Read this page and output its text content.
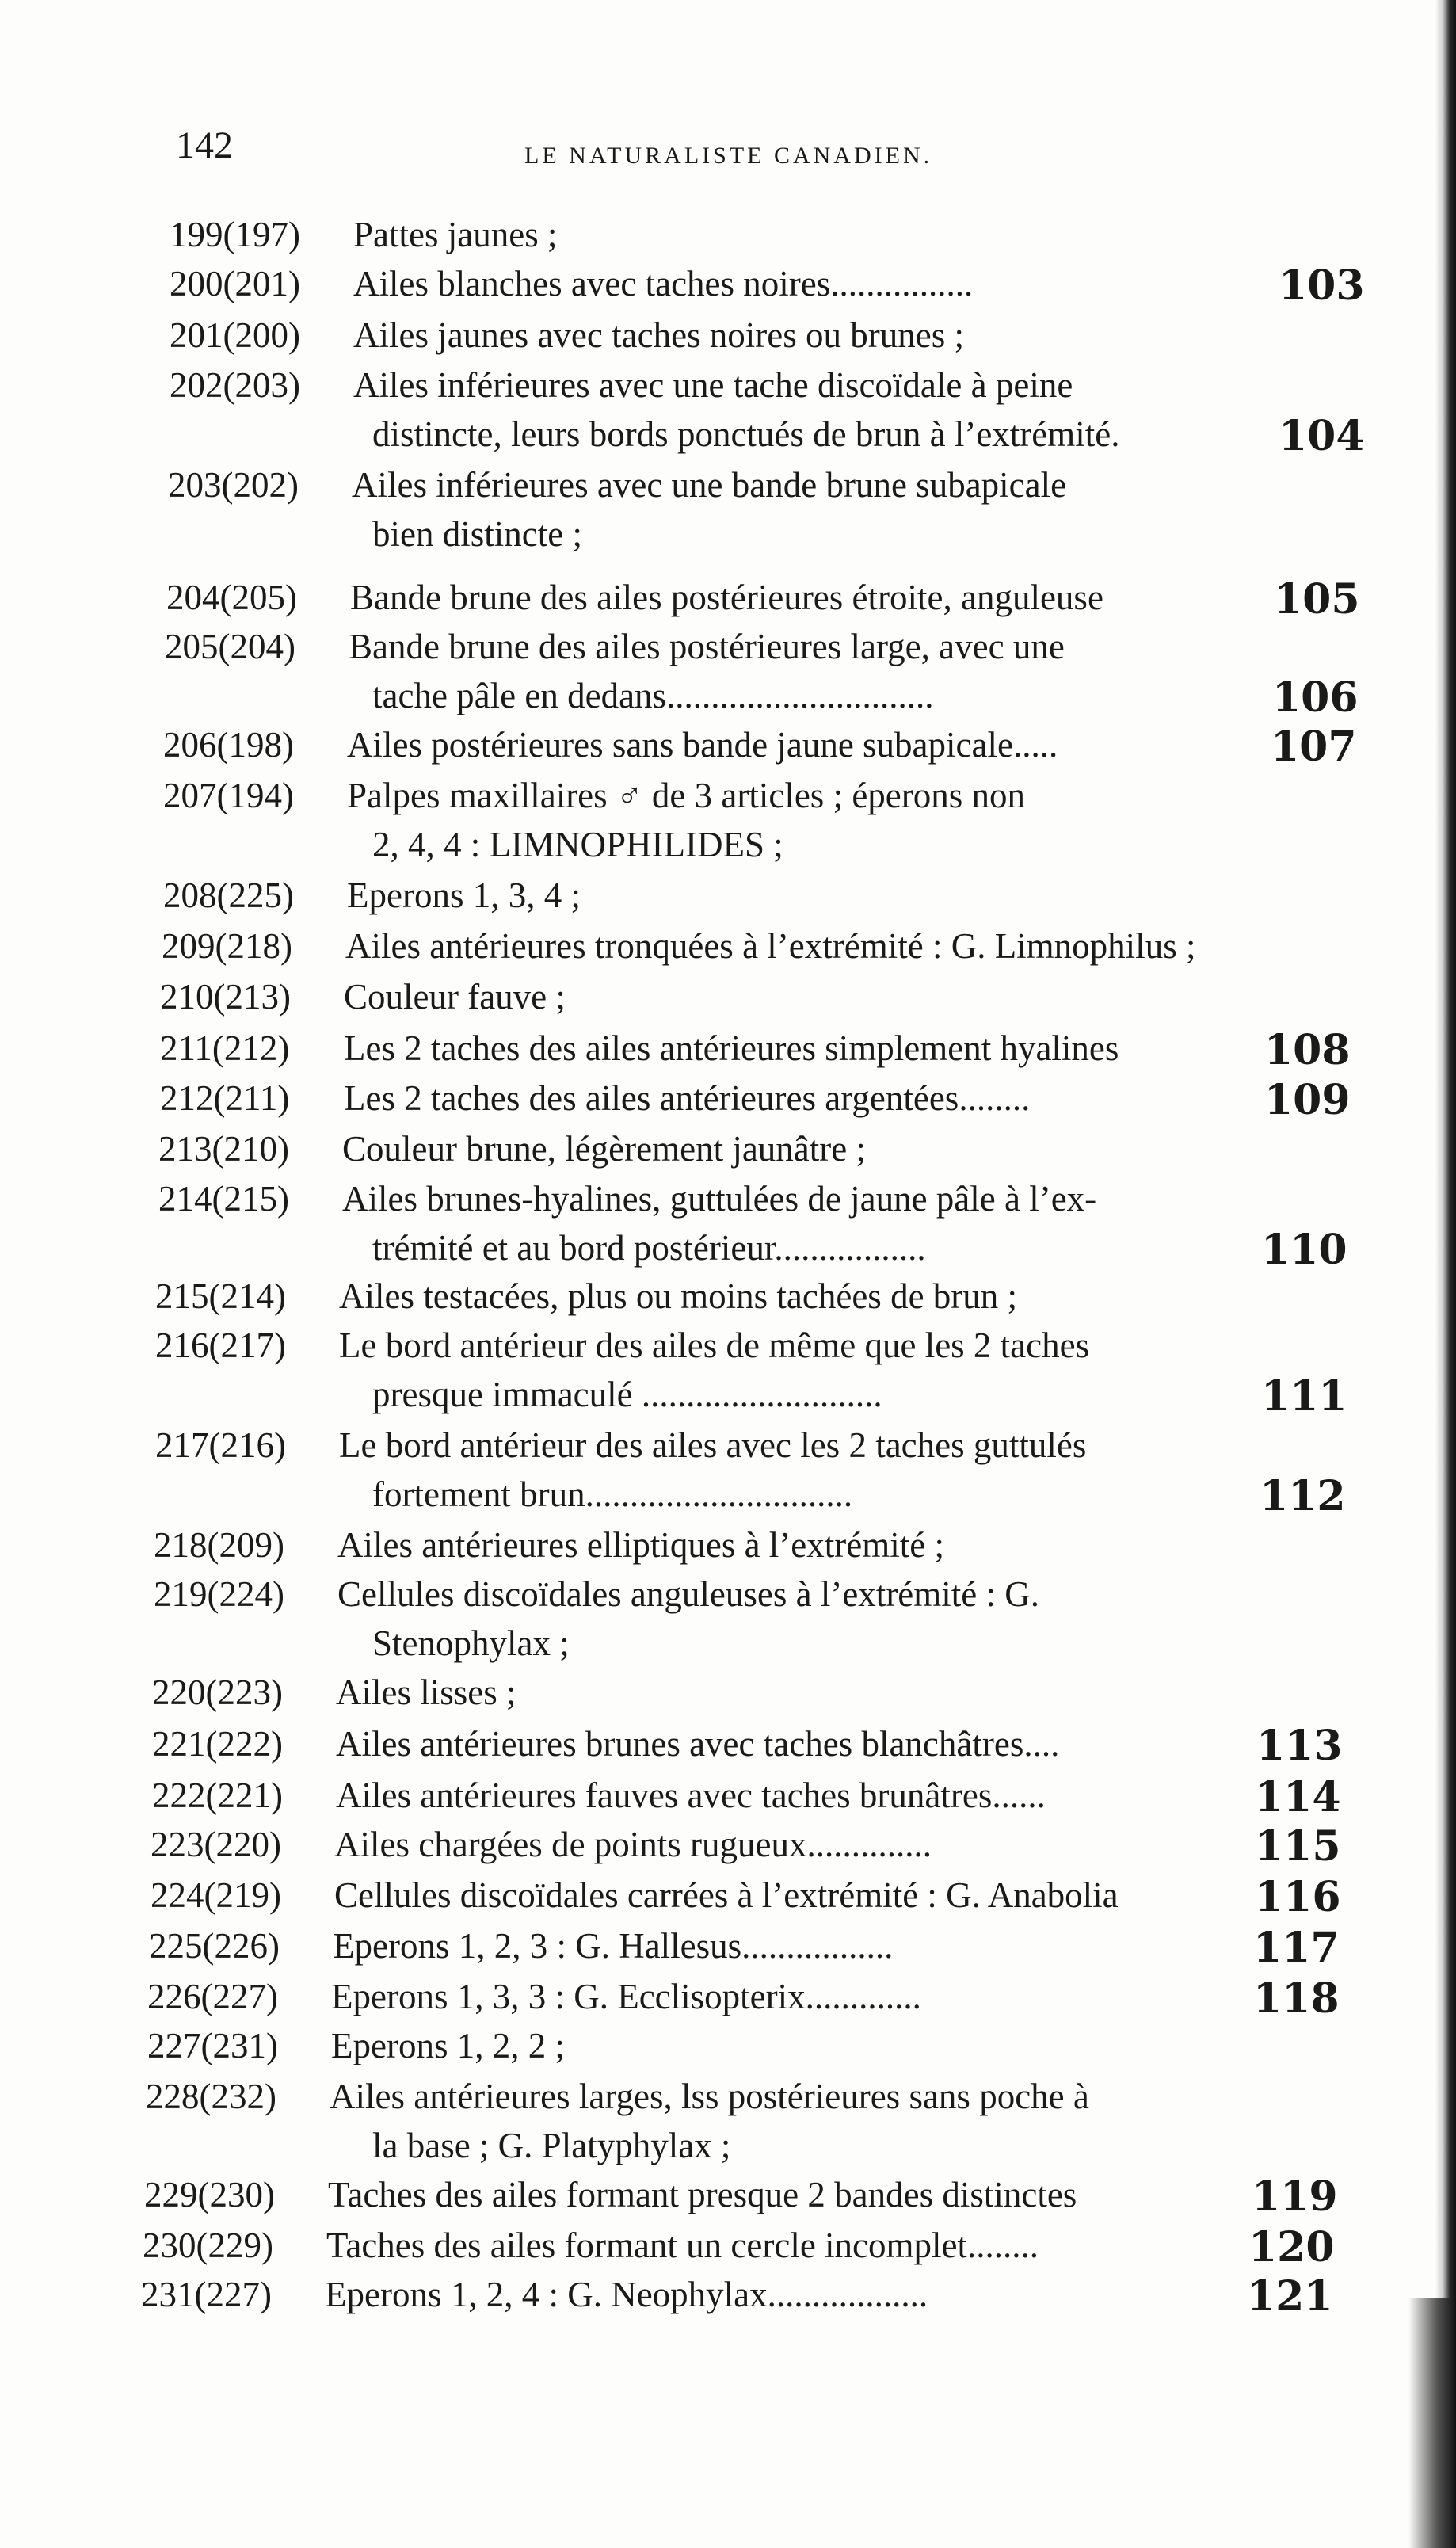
142	LE NATURALISTE CANADIEN.
199(197) Pattes jaunes ;
200(201) Ailes blanches avec taches noires................	103
201(200) Ailes jaunes avec taches noires ou brunes ;
202(203) Ailes inférieures avec une tache discoïdale à peine
distincte, leurs bords ponctués de brun à l’extrémité.	104
203(202) Ailes inférieures avec une bande brune subapicale
bien distincte ;
204(205) Bande brune des ailes postérieures étroite, anguleuse	105
205(204) Bande brune des ailes postérieures large, avec une
tache pâle en dedans..............................	106
206(198) Ailes postérieures sans bande jaune subapicale.....	107
207(194) Palpes maxillaires ♂ de 3 articles ; éperons non
2, 4, 4 : LIMNOPHILIDES ;
208(225) Eperons 1, 3, 4 ;
209(218) Ailes antérieures tronquées à l’extrémité : G. Limnophilus ;
210(213) Couleur fauve ;
211(212) Les 2 taches des ailes antérieures simplement hyalines	108
212(211) Les 2 taches des ailes antérieures argentées........	109
213(210) Couleur brune, légèrement jaunâtre ;
214(215) Ailes brunes-hyalines, guttulées de jaune pâle à l’ex-
trémité et au bord postérieur.................	110
215(214) Ailes testacées, plus ou moins tachées de brun ;
216(217) Le bord antérieur des ailes de même que les 2 taches
presque immaculé ...........................	111
217(216) Le bord antérieur des ailes avec les 2 taches guttulés
fortement brun..............................	112
218(209) Ailes antérieures elliptiques à l’extrémité ;
219(224) Cellules discoïdales anguleuses à l’extrémité : G.
Stenophylax ;
220(223) Ailes lisses ;
221(222) Ailes antérieures brunes avec taches blanchâtres....	113
222(221) Ailes antérieures fauves avec taches brunâtres......	114
223(220) Ailes chargées de points rugueux..............	115
224(219) Cellules discoïdales carrées à l’extrémité : G. Anabolia	116
225(226) Eperons 1, 2, 3 : G. Hallesus.................	117
226(227) Eperons 1, 3, 3 : G. Ecclisopterix.............	118
227(231) Eperons 1, 2, 2 ;
228(232) Ailes antérieures larges, lss postérieures sans poche à
la base ; G. Platyphylax ;
229(230) Taches des ailes formant presque 2 bandes distinctes	119
230(229) Taches des ailes formant un cercle incomplet........	120
231(227) Eperons 1, 2, 4 : G. Neophylax..................	121
